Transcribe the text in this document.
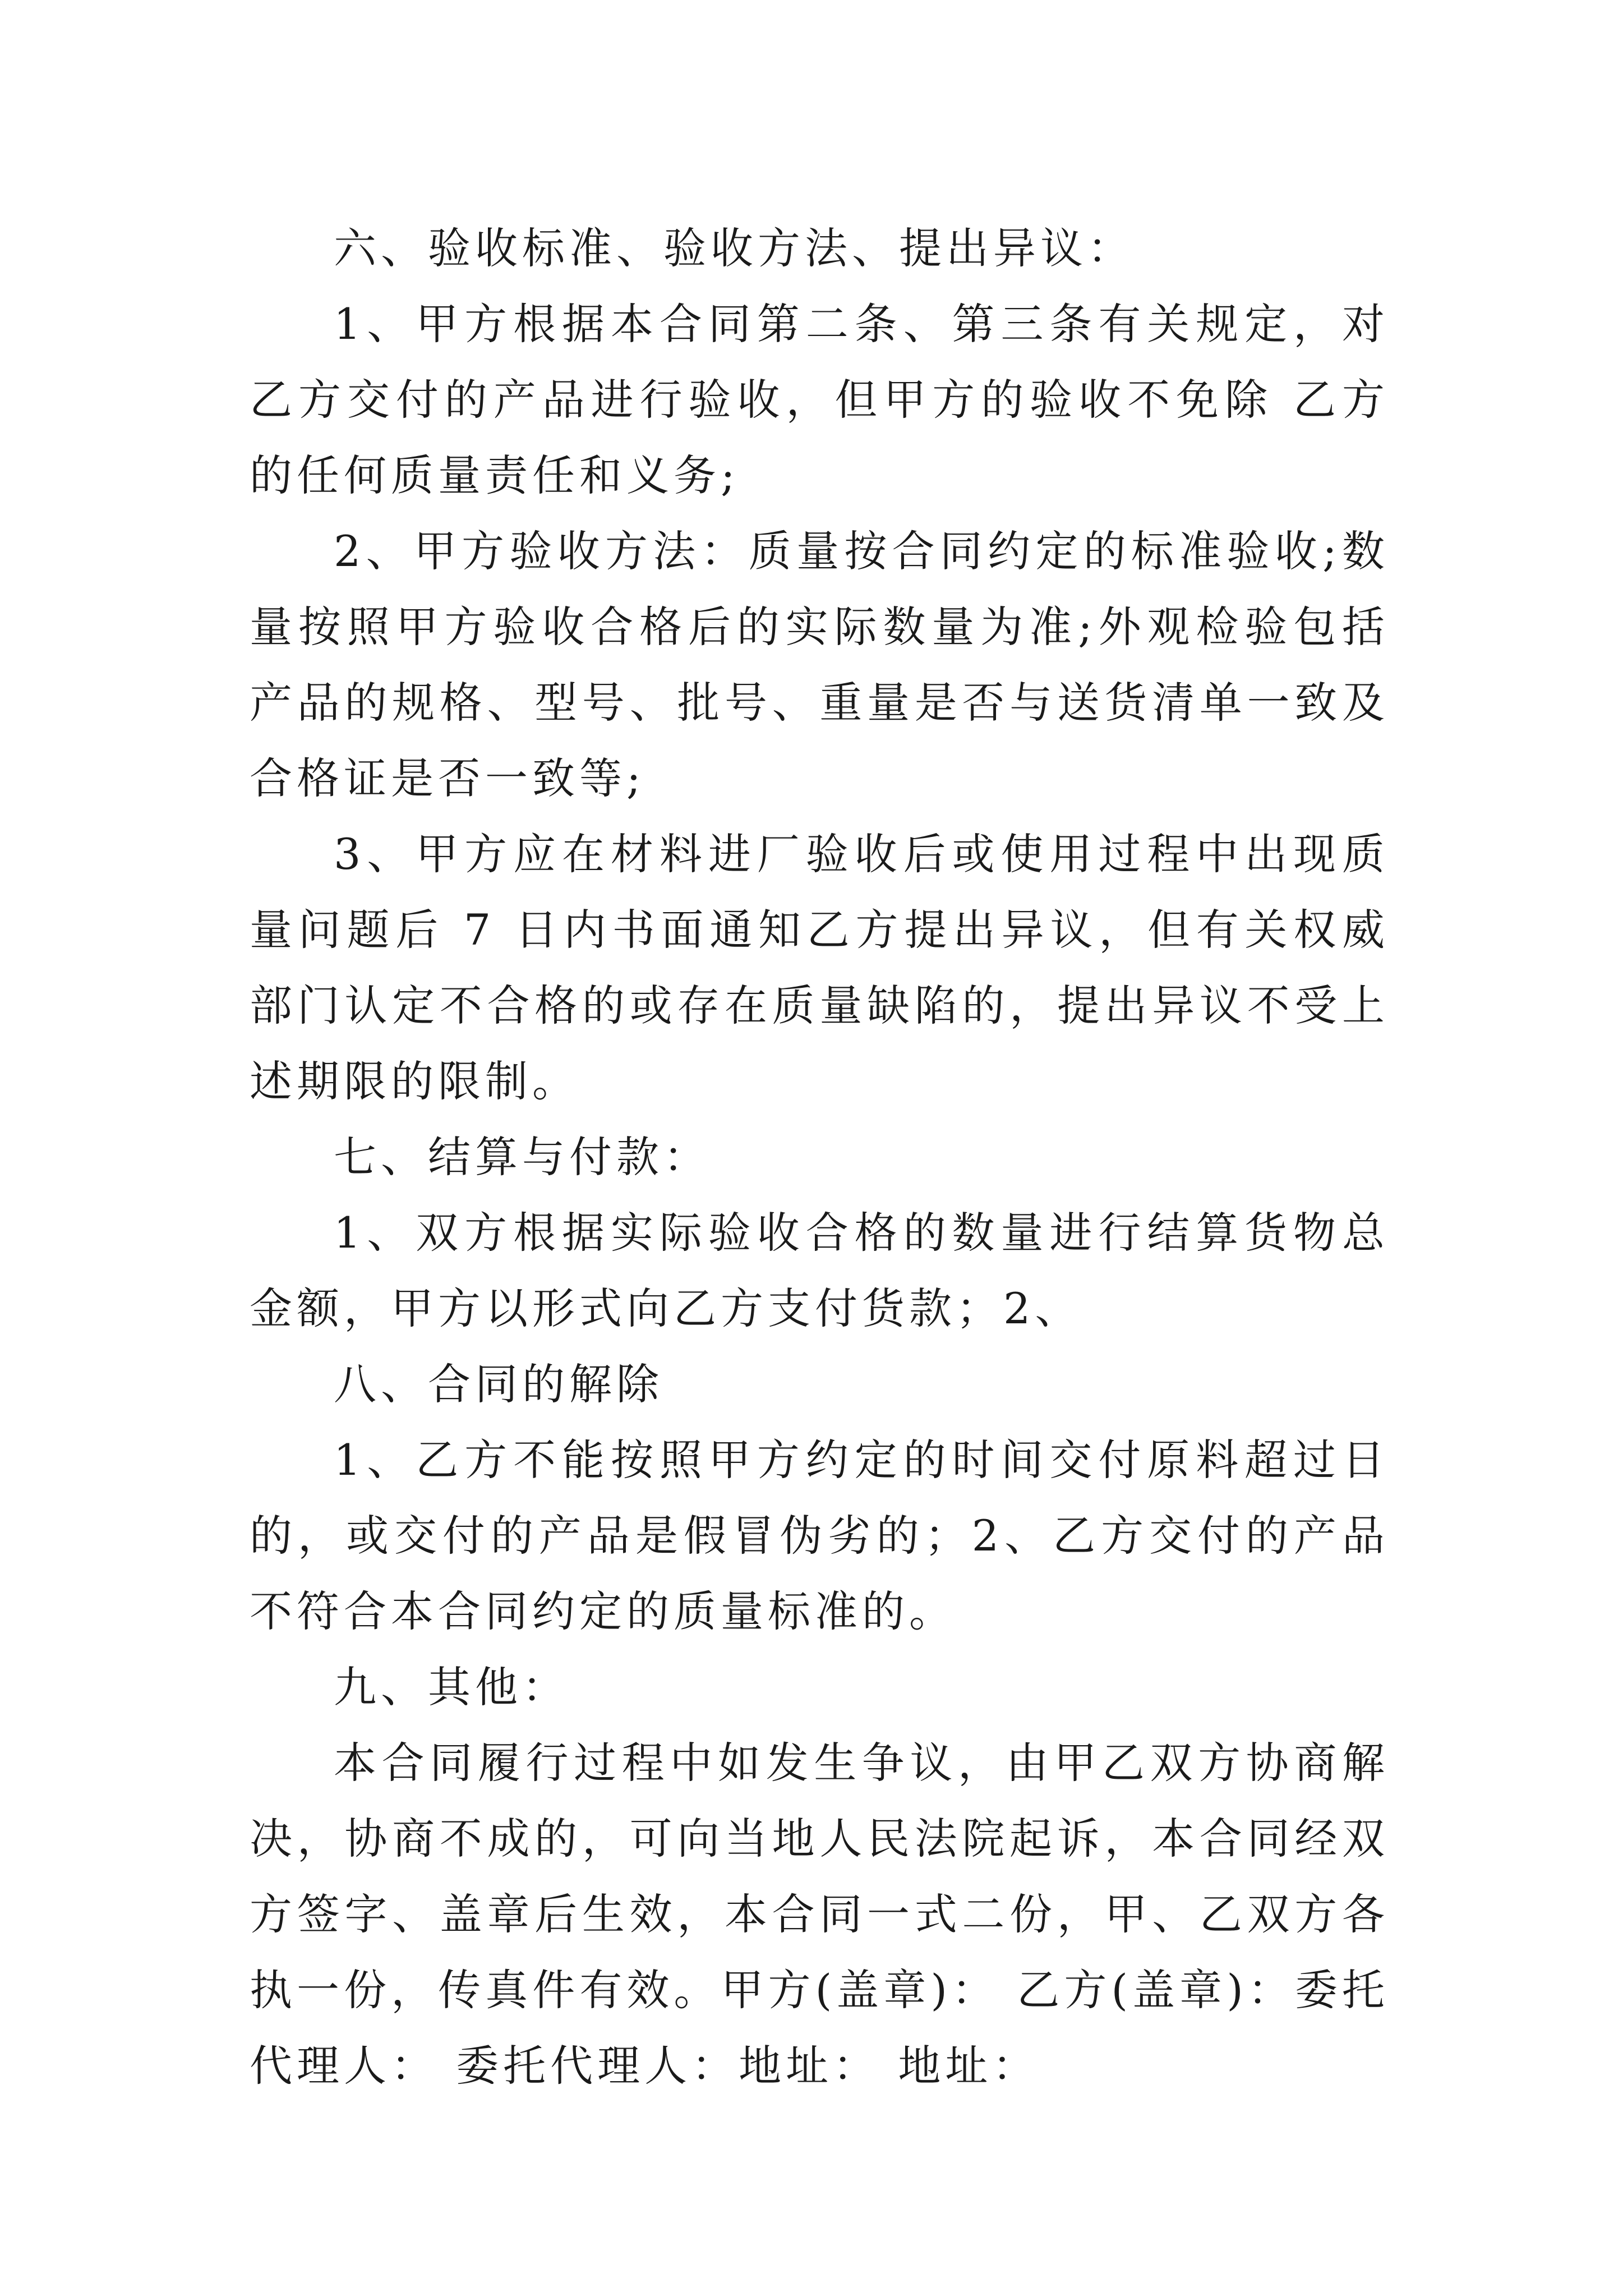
六、验收标准、验收方法、提出异议：

1、甲方根据本合同第二条、第三条有关规定，对乙方交付的产品进行验收，但甲方的验收不免除 乙方的任何质量责任和义务;

2、甲方验收方法：质量按合同约定的标准验收;数量按照甲方验收合格后的实际数量为准;外观检验包括产品的规格、型号、批号、重量是否与送货清单一致及合格证是否一致等;

3、甲方应在材料进厂验收后或使用过程中出现质量问题后 7 日内书面通知乙方提出异议，但有关权威部门认定不合格的或存在质量缺陷的，提出异议不受上述期限的限制。

七、结算与付款：

1、双方根据实际验收合格的数量进行结算货物总金额，甲方以形式向乙方支付货款；2、

八、合同的解除

1、乙方不能按照甲方约定的时间交付原料超过日的，或交付的产品是假冒伪劣的；2、乙方交付的产品不符合本合同约定的质量标准的。

九、其他：

本合同履行过程中如发生争议，由甲乙双方协商解决，协商不成的，可向当地人民法院起诉，本合同经双方签字、盖章后生效，本合同一式二份，甲、乙双方各执一份，传真件有效。甲方(盖章)： 乙方(盖章)：委托代理人： 委托代理人：地址： 地址：
